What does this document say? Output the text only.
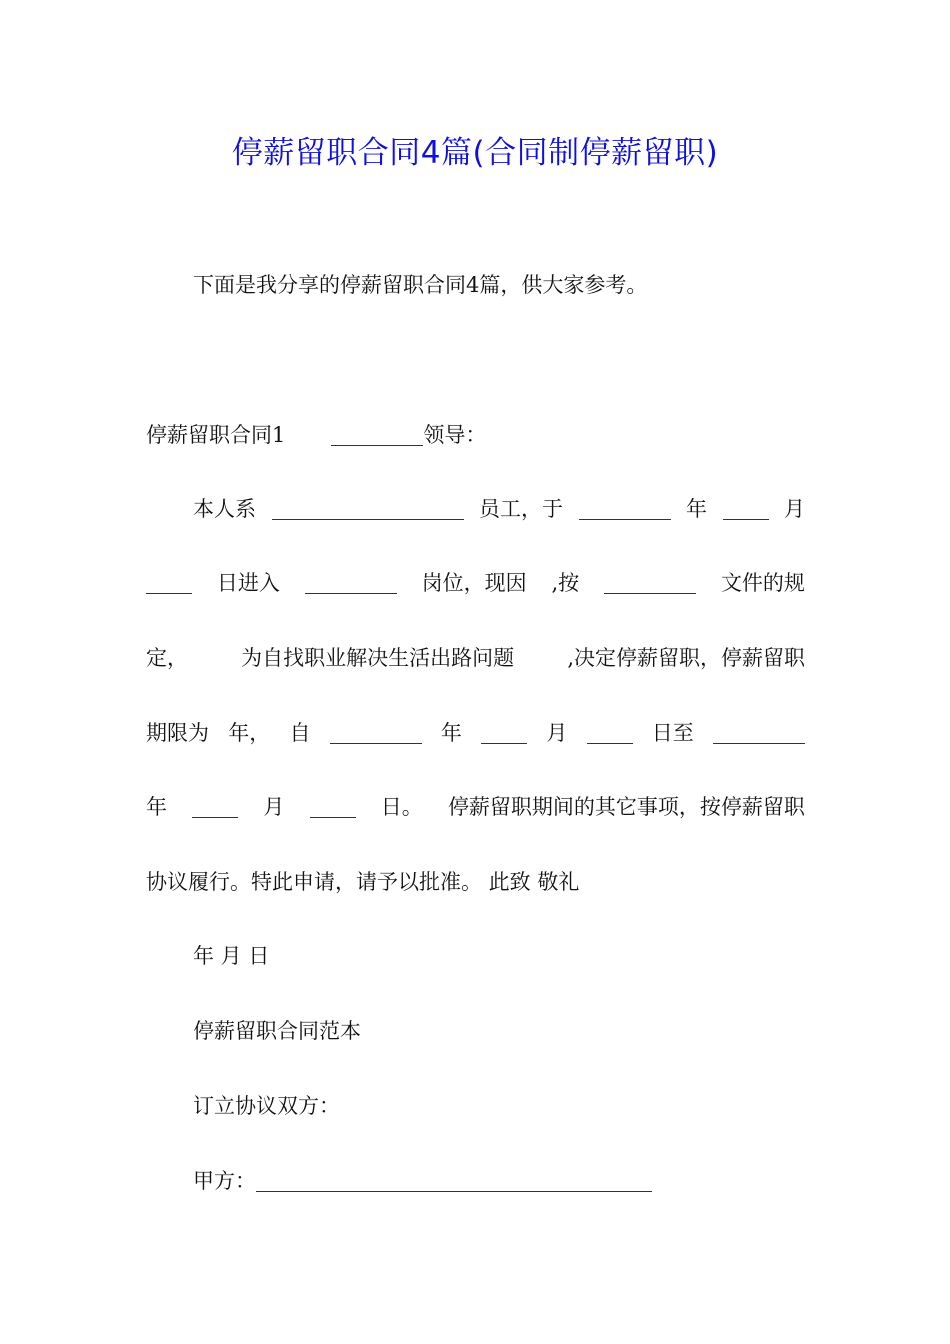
停薪留职合同4篇(合同制停薪留职)
下面是我分享的停薪留职合同4篇，供大家参考。
停薪留职合同1	领导：
本人系	员工，于	年	月
日进入	岗位，现因 ,按	文件的规
定，	为自找职业解决生活出路问题	,决定停薪留职，停薪留职
期限为 年， 自	年	月	日至
年	月	日。 停薪留职期间的其它事项，按停薪留职
协议履行。特此申请，请予以批准。 此致 敬礼
年 月 日
停薪留职合同范本
订立协议双方：
甲方：
